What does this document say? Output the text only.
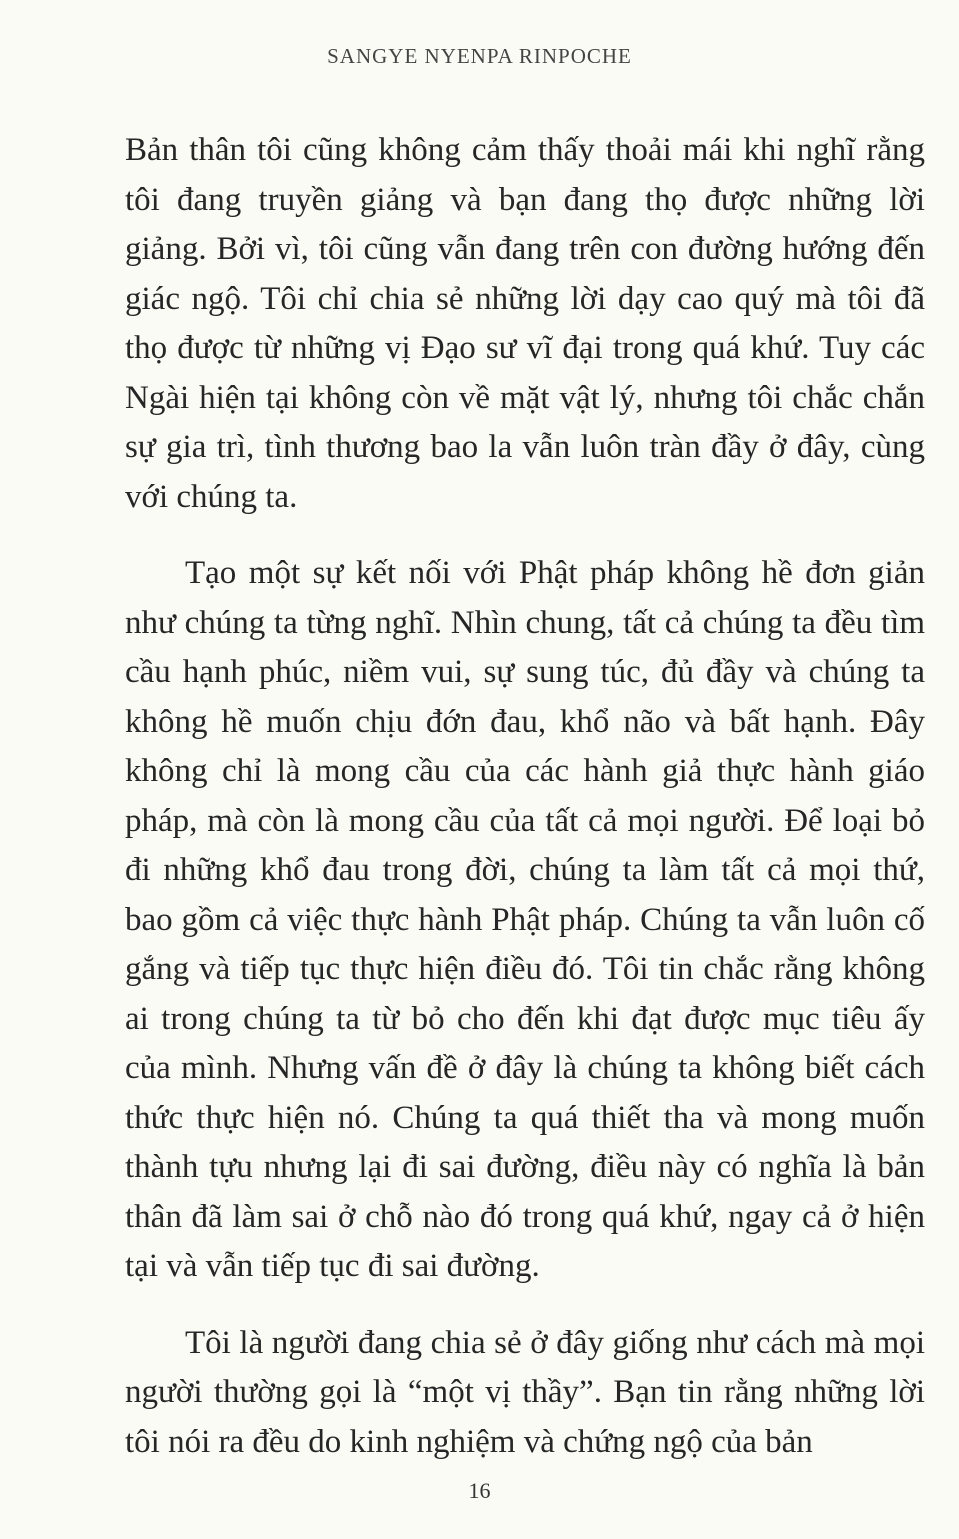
SANGYE NYENPA RINPOCHE

Bản thân tôi cũng không cảm thấy thoải mái khi nghĩ rằng tôi đang truyền giảng và bạn đang thọ được những lời giảng. Bởi vì, tôi cũng vẫn đang trên con đường hướng đến giác ngộ. Tôi chỉ chia sẻ những lời dạy cao quý mà tôi đã thọ được từ những vị Đạo sư vĩ đại trong quá khứ. Tuy các Ngài hiện tại không còn về mặt vật lý, nhưng tôi chắc chắn sự gia trì, tình thương bao la vẫn luôn tràn đầy ở đây, cùng với chúng ta.

Tạo một sự kết nối với Phật pháp không hề đơn giản như chúng ta từng nghĩ. Nhìn chung, tất cả chúng ta đều tìm cầu hạnh phúc, niềm vui, sự sung túc, đủ đầy và chúng ta không hề muốn chịu đớn đau, khổ não và bất hạnh. Đây không chỉ là mong cầu của các hành giả thực hành giáo pháp, mà còn là mong cầu của tất cả mọi người. Để loại bỏ đi những khổ đau trong đời, chúng ta làm tất cả mọi thứ, bao gồm cả việc thực hành Phật pháp. Chúng ta vẫn luôn cố gắng và tiếp tục thực hiện điều đó. Tôi tin chắc rằng không ai trong chúng ta từ bỏ cho đến khi đạt được mục tiêu ấy của mình. Nhưng vấn đề ở đây là chúng ta không biết cách thức thực hiện nó. Chúng ta quá thiết tha và mong muốn thành tựu nhưng lại đi sai đường, điều này có nghĩa là bản thân đã làm sai ở chỗ nào đó trong quá khứ, ngay cả ở hiện tại và vẫn tiếp tục đi sai đường.

Tôi là người đang chia sẻ ở đây giống như cách mà mọi người thường gọi là “một vị thầy”. Bạn tin rằng những lời tôi nói ra đều do kinh nghiệm và chứng ngộ của bản

16
